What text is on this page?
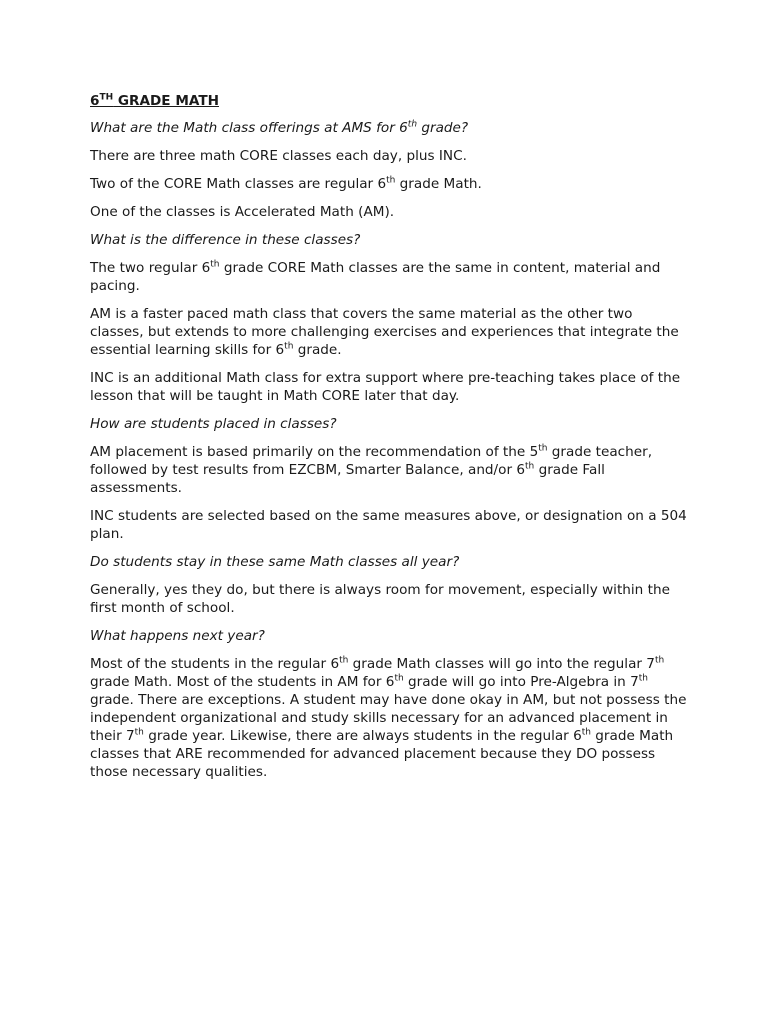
6TH GRADE MATH

What are the Math class offerings at AMS for 6th grade?

There are three math CORE classes each day, plus INC.

Two of the CORE Math classes are regular 6th grade Math.

One of the classes is Accelerated Math (AM).

What is the difference in these classes?

The two regular 6th grade CORE Math classes are the same in content, material and pacing.

AM is a faster paced math class that covers the same material as the other two classes, but extends to more challenging exercises and experiences that integrate the essential learning skills for 6th grade.

INC is an additional Math class for extra support where pre-teaching takes place of the lesson that will be taught in Math CORE later that day.

How are students placed in classes?

AM placement is based primarily on the recommendation of the 5th grade teacher, followed by test results from EZCBM, Smarter Balance, and/or 6th grade Fall assessments.

INC students are selected based on the same measures above, or designation on a 504 plan.

Do students stay in these same Math classes all year?

Generally, yes they do, but there is always room for movement, especially within the first month of school.

What happens next year?

Most of the students in the regular 6th grade Math classes will go into the regular 7th grade Math. Most of the students in AM for 6th grade will go into Pre-Algebra in 7th grade. There are exceptions. A student may have done okay in AM, but not possess the independent organizational and study skills necessary for an advanced placement in their 7th grade year. Likewise, there are always students in the regular 6th grade Math classes that ARE recommended for advanced placement because they DO possess those necessary qualities.
